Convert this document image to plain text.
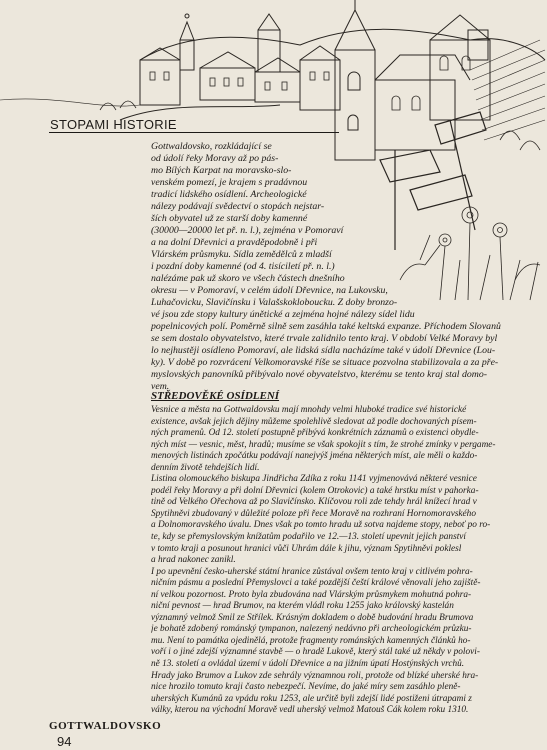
STOPAMI HISTORIE
Gottwaldovsko, rozkládající se
od údolí řeky Moravy až po pás-
mo Bílých Karpat na moravsko-slo-
venském pomezí, je krajem s pradávnou
tradicí lidského osídlení. Archeologické
nálezy podávají svědectví o stopách nejstar-
ších obyvatel už ze starší doby kamenné
(30000—20000 let př. n. l.), zejména v Pomoraví
a na dolní Dřevnici a pravděpodobně i při
Vlárském průsmyku. Sídla zemědělců z mladší
i pozdní doby kamenné (od 4. tisíciletí př. n. l.)
nalézáme pak už skoro ve všech částech dnešního
okresu — v Pomoraví, v celém údolí Dřevnice, na Lukovsku,
Luhačovicku, Slavičínsku i Valašskokloboucku. Z doby bronzo-
vé jsou zde stopy kultury únětické a zejména hojné nálezy sídel lidu
popelnicových polí. Poměrně silně sem zasáhla také keltská expanze. Příchodem Slovanů
se sem dostalo obyvatelstvo, které trvale zalidnilo tento kraj. V období Velké Moravy byl
lo nejhustěji osídleno Pomoraví, ale lidská sídla nacházíme také v údolí Dřevnice (Lou-
ky). V době po rozvrácení Velkomoravské říše se situace pozvolna stabilizovala a za pře-
myslovských panovníků přibývalo nové obyvatelstvo, kterému se tento kraj stal domo-
vem.
STŘEDOVĚKÉ OSÍDLENÍ
Vesnice a města na Gottwaldovsku mají mnohdy velmi hluboké tradice své historické
existence, avšak jejich dějiny můžeme spolehlivě sledovat až podle dochovaných písem-
ných pramenů. Od 12. století postupně přibývá konkrétních záznamů o existenci obydle-
ných míst — vesnic, měst, hradů; musíme se však spokojit s tím, že strohé zmínky v pergame-
menových listinách zpočátku podávají nanejvýš jména některých míst, ale měli o každo-
denním životě tehdejších lidí.
Listina olomouckého biskupa Jindřicha Zdíka z roku 1141 vyjmenovává některé vesnice
podél řeky Moravy a při dolní Dřevnici (kolem Otrokovic) a také hrstku míst v pahorka-
tině od Velkého Ořechova až po Slavičínsko. Klíčovou roli zde tehdy hrál knížecí hrad v
Spytihněvi zbudovaný v důležité poloze při řece Moravě na rozhraní Hornomoravského
a Dolnomoravského úvalu. Dnes však po tomto hradu už sotva najdeme stopy, neboť po ro-
te, kdy se přemyslovským knížatům podařilo ve 12.—13. století upevnit jejich panství
v tomto kraji a posunout hranici vůči Uhrám dále k jihu, význam Spytihněvi poklesl
a hrad nakonec zanikl.
I po upevnění česko-uherské státní hranice zůstával ovšem tento kraj v citlivém pohra-
ničním pásmu a poslední Přemyslovci a také pozdější čeští králové věnovali jeho zajiště-
ní velkou pozornost. Proto byla zbudována nad Vlárským průsmykem mohutná pohra-
niční pevnost — hrad Brumov, na kterém vládl roku 1255 jako královský kastelán
významný velmož Smil ze Střílek. Krásným dokladem o době budování hradu Brumova
je bohatě zdobený románský tympanon, nalezený nedávno při archeologickém průzku-
mu. Není to památka ojedinělá, protože fragmenty románských kamenných článků ho-
voří i o jiné zdejší významné stavbě — o hradě Lukově, který stál také už někdy v polovi-
ně 13. století a ovládal území v údolí Dřevnice a na jižním úpatí Hostýnských vrchů.
Hrady jako Brumov a Lukov zde sehrály významnou roli, protože od blízké uherské hra-
nice hrozilo tomuto kraji často nebezpečí. Nevíme, do jaké míry sem zasáhlo pleně-
uherských Kumánů za vpádu roku 1253, ale určitě byli zdejší lidé postiženi útrapami z
války, kterou na východní Moravě vedl uherský velmož Matouš Čák kolem roku 1310.
GOTTWALDOVSKO
94
